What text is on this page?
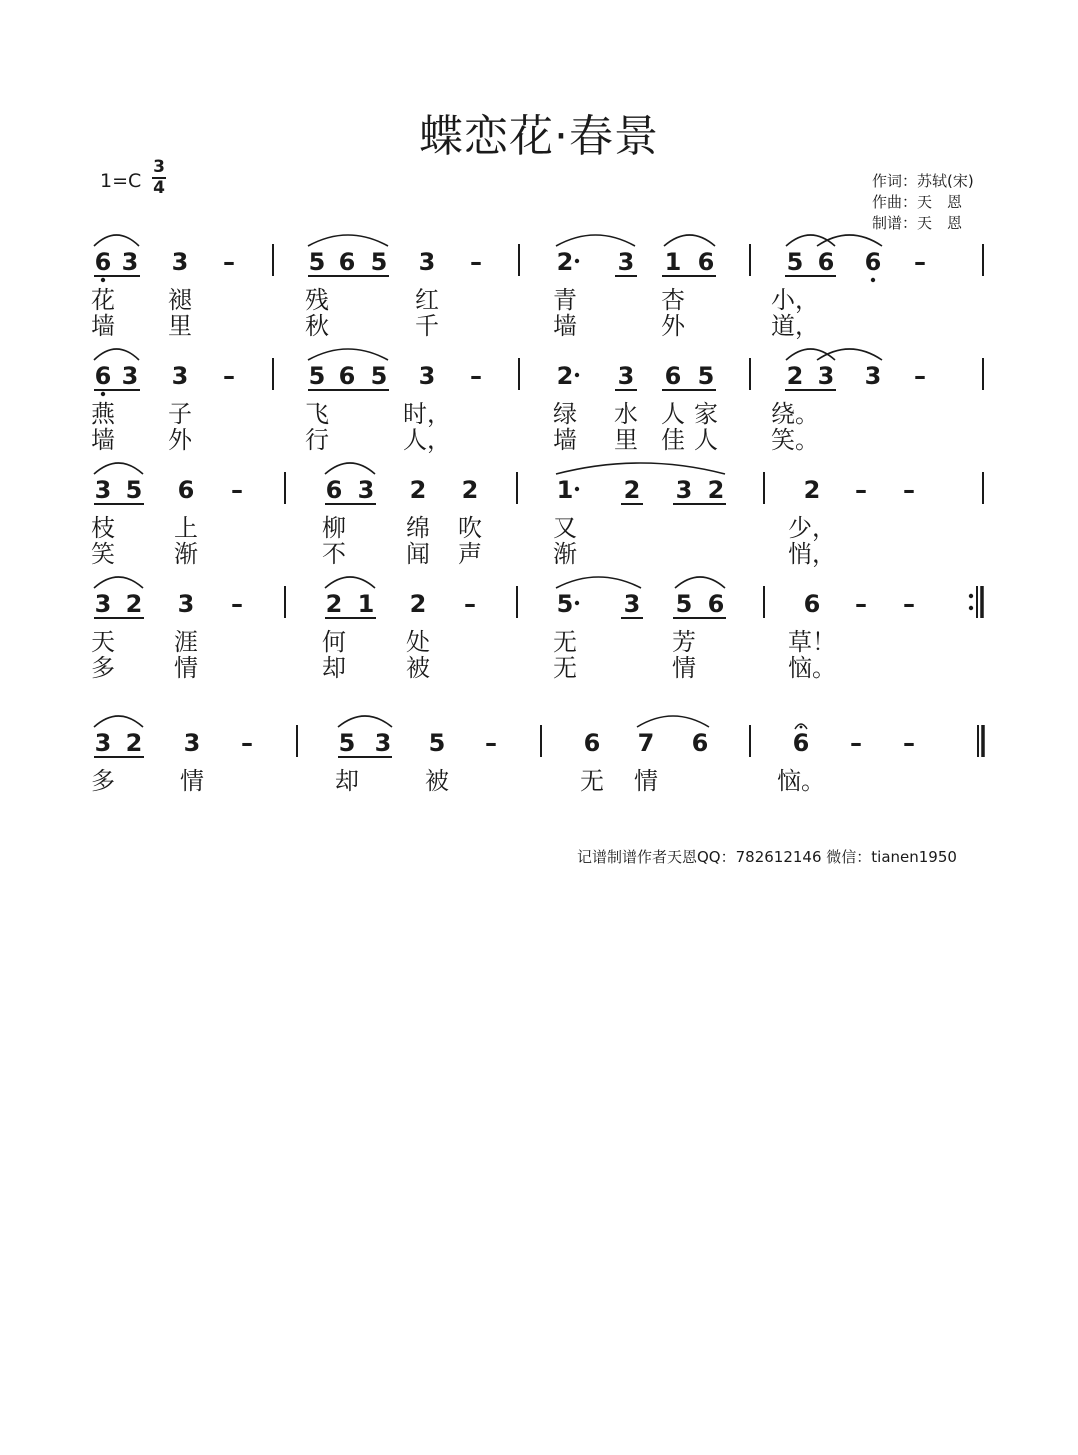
蝶恋花·春景
$1=C \frac{3}{4}$	作词：苏轼(宋)
作曲：天　恩
制谱：天　恩
6 3 3 –	5 6 5 3 –	2 3 1 6	5 6 6 –
花 褪	残	红	青	杏	小，
墙 里	秋	千	墙	外	道，
6 3 3 –	5 6 5 3 –	2 3 6 5	2 3 3 –
燕 子	飞	时，	绿 水 人 家 绕。
墙 外	行	人，	墙 里 佳 人 笑。
3 5 6 –	6 3 2 2	1 2 3 2	2 – –
枝 上	柳	绵 吹	又	少，
笑 渐	不	闻 声	渐	悄，
3 2 3 –	2 1 2 –	5 3 5 6	6 – –
天 涯	何	处	无	芳	草！
多 情	却	被	无	情	恼。
3 2 3 –	5 3 5 –	6 7 6	6 – –
多	情	却	被	无 情	恼。
记谱制谱作者天恩QQ：782612146 微信：tianen1950
